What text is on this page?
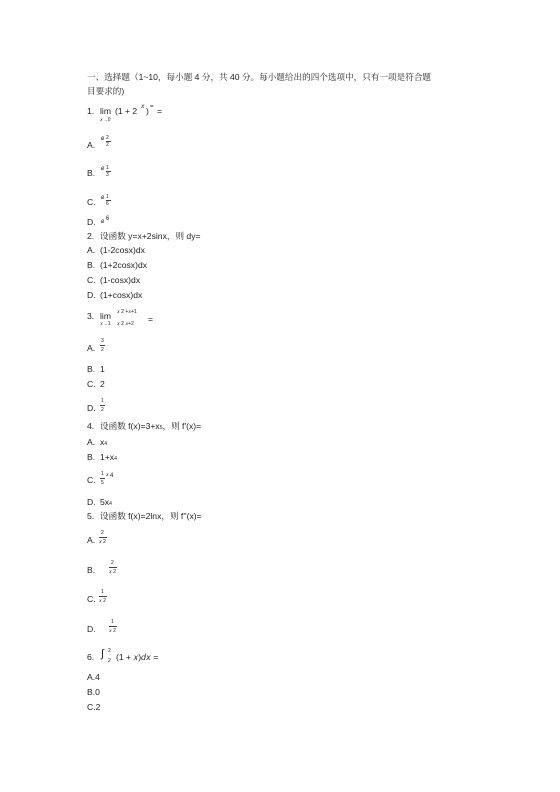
一、选择题（1~10，每小题 4 分，共 40 分。每小题给出的四个选项中，只有一项是符合题
目要求的)
1. lim (1 + 2 𝑥 ) =
𝑥→0
=
A.
𝑒 2
2
B. 𝑒 1
3
C. 𝑒 1
6
D. 𝑒 6
2. 设函数 y=x+2sinx，则 dy=
A. (1-2cosx)dx
B. (1+2cosx)dx
C. (1-cosx)dx
D. (1+cosx)dx
3. lim 𝑥 2 +𝑥+1
𝑥→1 𝑥 2 𝑥+2 =
A.
3
2
B. 1
C. 2
D.
1
2
4. 设函数 f(x)=3+x5，则 f'(x)=
A. x4
B. 1+x4
C.
1
5
𝑥 4
D. 5x4
5. 设函数 f(x)=2lnx，则 f''(x)=
A.
2
𝑥 2
B.
2
𝑥 2
C.
1
𝑥 2
D.
1
𝑥 2
6. ∫ 2
2 (1 + 𝑥)𝑑𝑥 =
A.4
B.0
C.2
